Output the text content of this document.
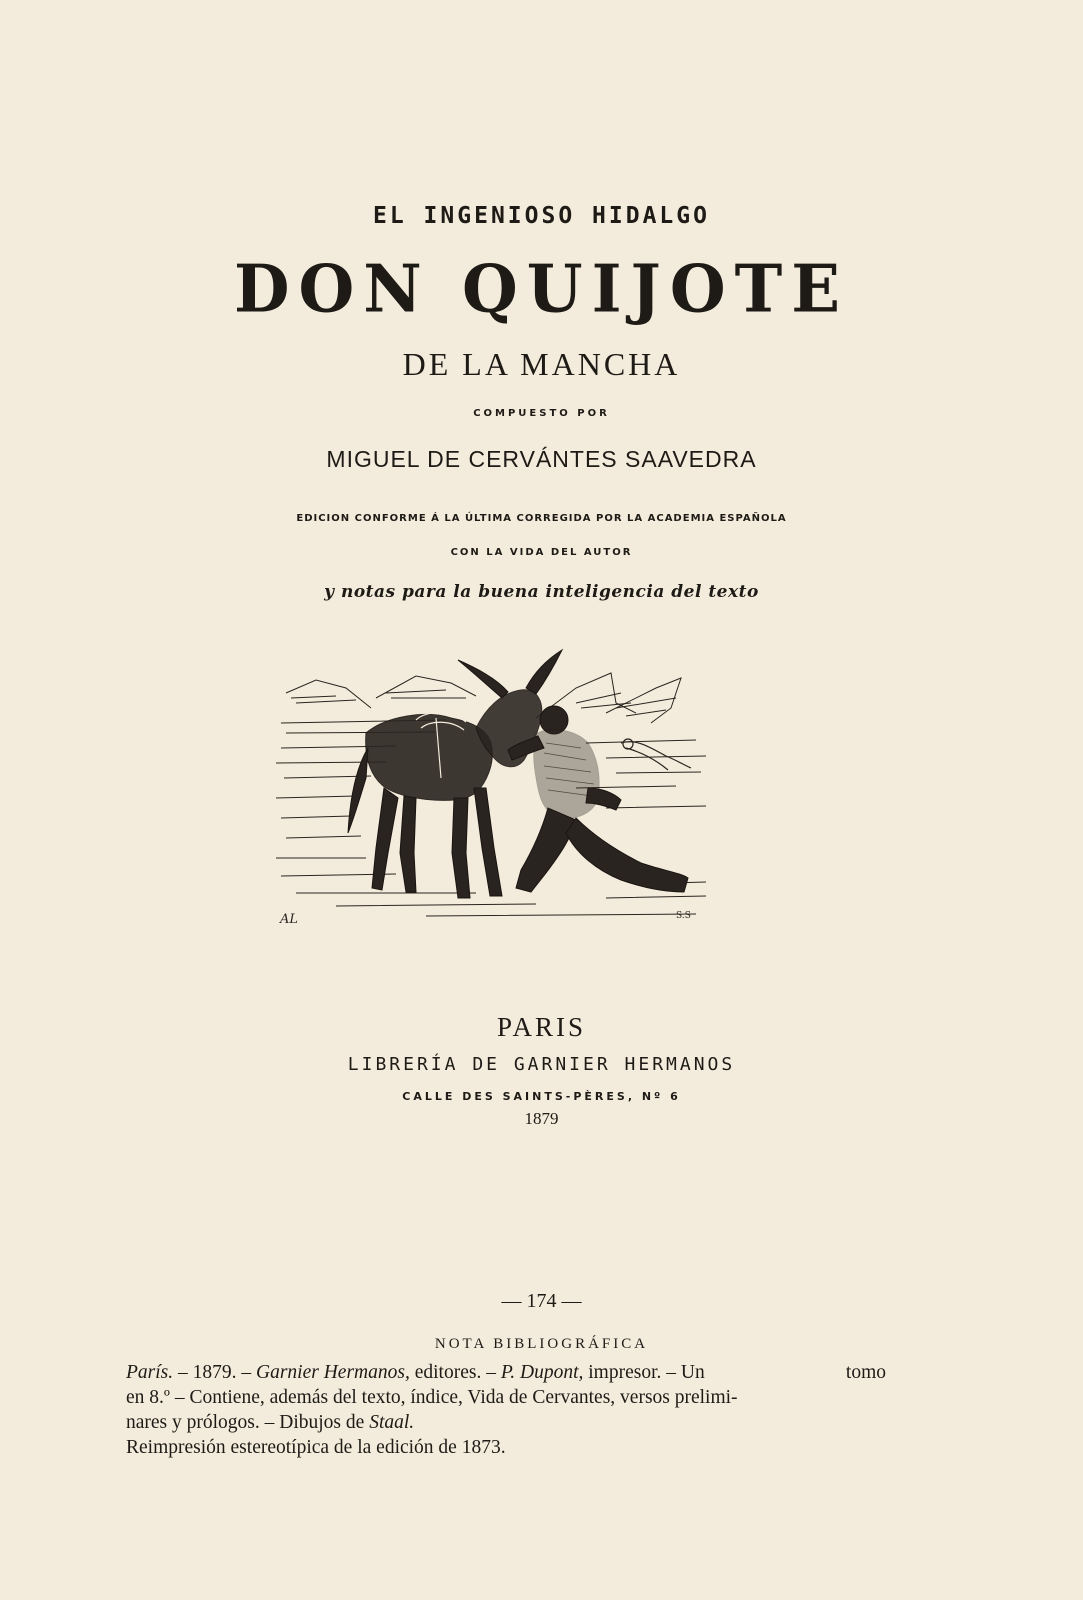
EL INGENIOSO HIDALGO
DON QUIJOTE
DE LA MANCHA
COMPUESTO POR
MIGUEL DE CERVÁNTES SAAVEDRA
EDICION CONFORME Á LA ÚLTIMA CORREGIDA POR LA ACADEMIA ESPAÑOLA
CON LA VIDA DEL AUTOR
y notas para la buena inteligencia del texto
AL	S.S
PARIS
LIBRERÍA DE GARNIER HERMANOS
CALLE DES SAINTS-PÈRES, Nº 6
1879
— 174 —
NOTA BIBLIOGRÁFICA
París. – 1879. – Garnier Hermanos, editores. – P. Dupont, impresor. – Un	tomo
en 8.º – Contiene, además del texto, índice, Vida de Cervantes, versos prelimi-
nares y prólogos. – Dibujos de Staal.
Reimpresión estereotípica de la edición de 1873.
